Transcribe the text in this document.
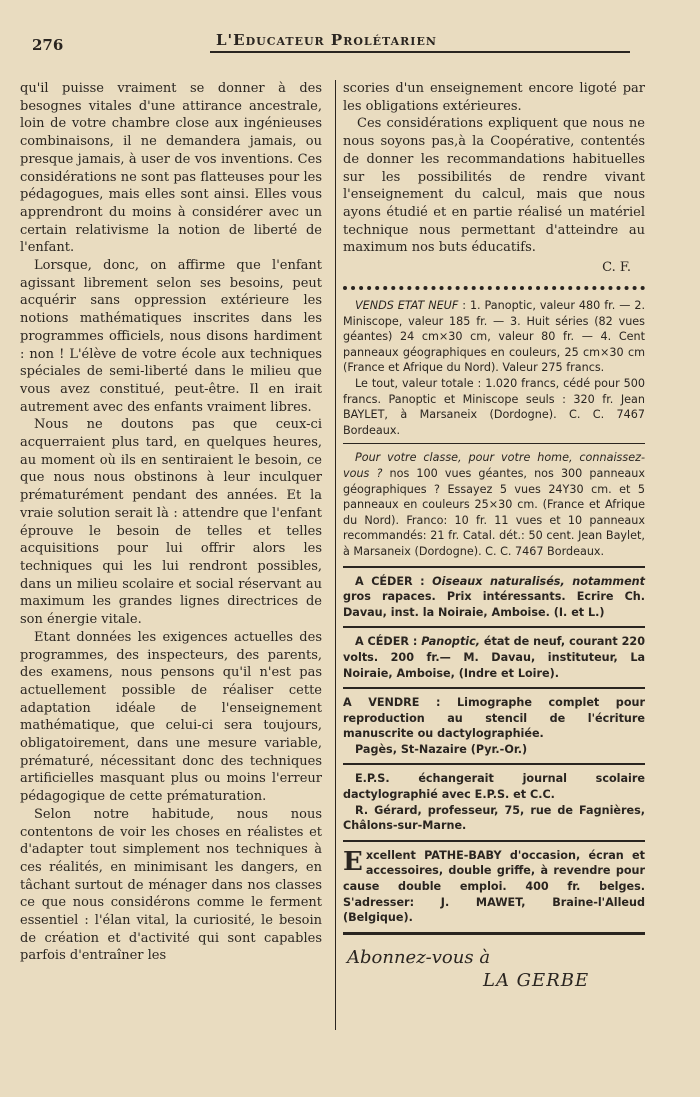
276	L'Educateur Prolétarien

qu'il puisse vraiment se donner à des besognes vitales d'une attirance ancestrale, loin de votre chambre close aux ingénieuses combinaisons, il ne demandera jamais, ou presque jamais, à user de vos inventions. Ces considérations ne sont pas flatteuses pour les pédagogues, mais elles sont ainsi. Elles vous apprendront du moins à considérer avec un certain relativisme la notion de liberté de l'enfant.

Lorsque, donc, on affirme que l'enfant agissant librement selon ses besoins, peut acquérir sans oppression extérieure les notions mathématiques inscrites dans les programmes officiels, nous disons hardiment : non ! L'élève de votre école aux techniques spéciales de semi-liberté dans le milieu que vous avez constitué, peut-être. Il en irait autrement avec des enfants vraiment libres.

Nous ne doutons pas que ceux-ci acquerraient plus tard, en quelques heures, au moment où ils en sentiraient le besoin, ce que nous nous obstinons à leur inculquer prématurément pendant des années. Et la vraie solution serait là : attendre que l'enfant éprouve le besoin de telles et telles acquisitions pour lui offrir alors les techniques qui les lui rendront possibles, dans un milieu scolaire et social réservant au maximum les grandes lignes directrices de son énergie vitale.

Etant données les exigences actuelles des programmes, des inspecteurs, des parents, des examens, nous pensons qu'il n'est pas actuellement possible de réaliser cette adaptation idéale de l'enseignement mathématique, que celui-ci sera toujours, obligatoirement, dans une mesure variable, prématuré, nécessitant donc des techniques artificielles masquant plus ou moins l'erreur pédagogique de cette prématuration.

Selon notre habitude, nous nous contentons de voir les choses en réalistes et d'adapter tout simplement nos techniques à ces réalités, en minimisant les dangers, en tâchant surtout de ménager dans nos classes ce que nous considérons comme le ferment essentiel : l'élan vital, la curiosité, le besoin de création et d'activité qui sont capables parfois d'entraîner les

scories d'un enseignement encore ligoté par les obligations extérieures.

Ces considérations expliquent que nous ne nous soyons pas,à la Coopérative, contentés de donner les recommandations habituelles sur les possibilités de rendre vivant l'enseignement du calcul, mais que nous ayons étudié et en partie réalisé un matériel technique nous permettant d'atteindre au maximum nos buts éducatifs.

C. F.

VENDS ETAT NEUF : 1. Panoptic, valeur 480 fr. — 2. Miniscope, valeur 185 fr. — 3. Huit séries (82 vues géantes) 24 cm×30 cm, valeur 80 fr. — 4. Cent panneaux géographiques en couleurs, 25 cm×30 cm (France et Afrique du Nord). Valeur 275 francs.

Le tout, valeur totale : 1.020 francs, cédé pour 500 francs. Panoptic et Miniscope seuls : 320 fr. Jean BAYLET, à Marsaneix (Dordogne). C. C. 7467 Bordeaux.

Pour votre classe, pour votre home, connaissez-vous ? nos 100 vues géantes, nos 300 panneaux géographiques ? Essayez 5 vues 24Y30 cm. et 5 panneaux en couleurs 25×30 cm. (France et Afrique du Nord). Franco: 10 fr. 11 vues et 10 panneaux recommandés: 21 fr. Catal. dét.: 50 cent. Jean Baylet, à Marsaneix (Dordogne). C. C. 7467 Bordeaux.

A CÉDER : Oiseaux naturalisés, notamment gros rapaces. Prix intéressants. Ecrire Ch. Davau, inst. la Noiraie, Amboise. (I. et L.)

A CÉDER : Panoptic, état de neuf, courant 220 volts. 200 fr.— M. Davau, instituteur, La Noiraie, Amboise, (Indre et Loire).

A VENDRE : Limographe complet pour reproduction au stencil de l'écriture manuscrite ou dactylographiée.

Pagès, St-Nazaire (Pyr.-Or.)

E.P.S. échangerait journal scolaire dactylographié avec E.P.S. et C.C.

R. Gérard, professeur, 75, rue de Fagnières, Châlons-sur-Marne.

E xcellent PATHE-BABY d'occasion, écran et accessoires, double griffe, à revendre pour cause double emploi. 400 fr. belges. S'adresser: J. MAWET, Braine-l'Alleud (Belgique).

Abonnez-vous à
LA GERBE
